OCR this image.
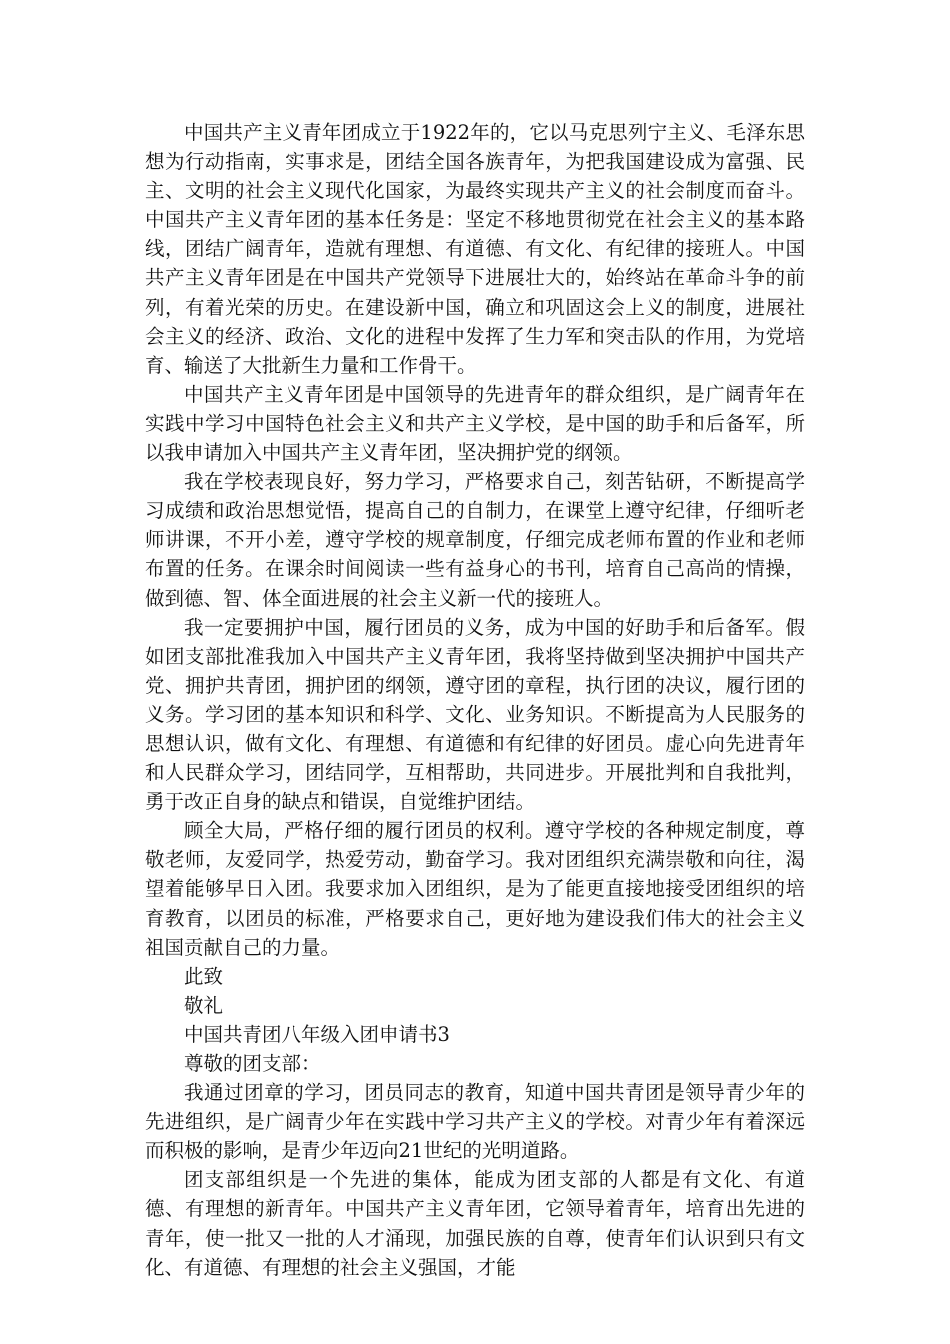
中国共产主义青年团成立于1922年的，它以马克思列宁主义、毛泽东思想为行动指南，实事求是，团结全国各族青年，为把我国建设成为富强、民主、文明的社会主义现代化国家，为最终实现共产主义的社会制度而奋斗。中国共产主义青年团的基本任务是：坚定不移地贯彻党在社会主义的基本路线，团结广阔青年，造就有理想、有道德、有文化、有纪律的接班人。中国共产主义青年团是在中国共产党领导下进展壮大的，始终站在革命斗争的前列，有着光荣的历史。在建设新中国，确立和巩固这会上义的制度，进展社会主义的经济、政治、文化的进程中发挥了生力军和突击队的作用，为党培育、输送了大批新生力量和工作骨干。

中国共产主义青年团是中国领导的先进青年的群众组织，是广阔青年在实践中学习中国特色社会主义和共产主义学校，是中国的助手和后备军，所以我申请加入中国共产主义青年团，坚决拥护党的纲领。

我在学校表现良好，努力学习，严格要求自己，刻苦钻研，不断提高学习成绩和政治思想觉悟，提高自己的自制力，在课堂上遵守纪律，仔细听老师讲课，不开小差，遵守学校的规章制度，仔细完成老师布置的作业和老师布置的任务。在课余时间阅读一些有益身心的书刊，培育自己高尚的情操，做到德、智、体全面进展的社会主义新一代的接班人。

我一定要拥护中国，履行团员的义务，成为中国的好助手和后备军。假如团支部批准我加入中国共产主义青年团，我将坚持做到坚决拥护中国共产党、拥护共青团，拥护团的纲领，遵守团的章程，执行团的决议，履行团的义务。学习团的基本知识和科学、文化、业务知识。不断提高为人民服务的思想认识，做有文化、有理想、有道德和有纪律的好团员。虚心向先进青年和人民群众学习，团结同学，互相帮助，共同进步。开展批判和自我批判，勇于改正自身的缺点和错误，自觉维护团结。

顾全大局，严格仔细的履行团员的权利。遵守学校的各种规定制度，尊敬老师，友爱同学，热爱劳动，勤奋学习。我对团组织充满崇敬和向往，渴望着能够早日入团。我要求加入团组织，是为了能更直接地接受团组织的培育教育，以团员的标准，严格要求自己，更好地为建设我们伟大的社会主义祖国贡献自己的力量。

此致

敬礼

中国共青团八年级入团申请书3

尊敬的团支部：

我通过团章的学习，团员同志的教育，知道中国共青团是领导青少年的先进组织，是广阔青少年在实践中学习共产主义的学校。对青少年有着深远而积极的影响，是青少年迈向21世纪的光明道路。

团支部组织是一个先进的集体，能成为团支部的人都是有文化、有道德、有理想的新青年。中国共产主义青年团，它领导着青年，培育出先进的青年，使一批又一批的人才涌现，加强民族的自尊，使青年们认识到只有文化、有道德、有理想的社会主义强国，才能
